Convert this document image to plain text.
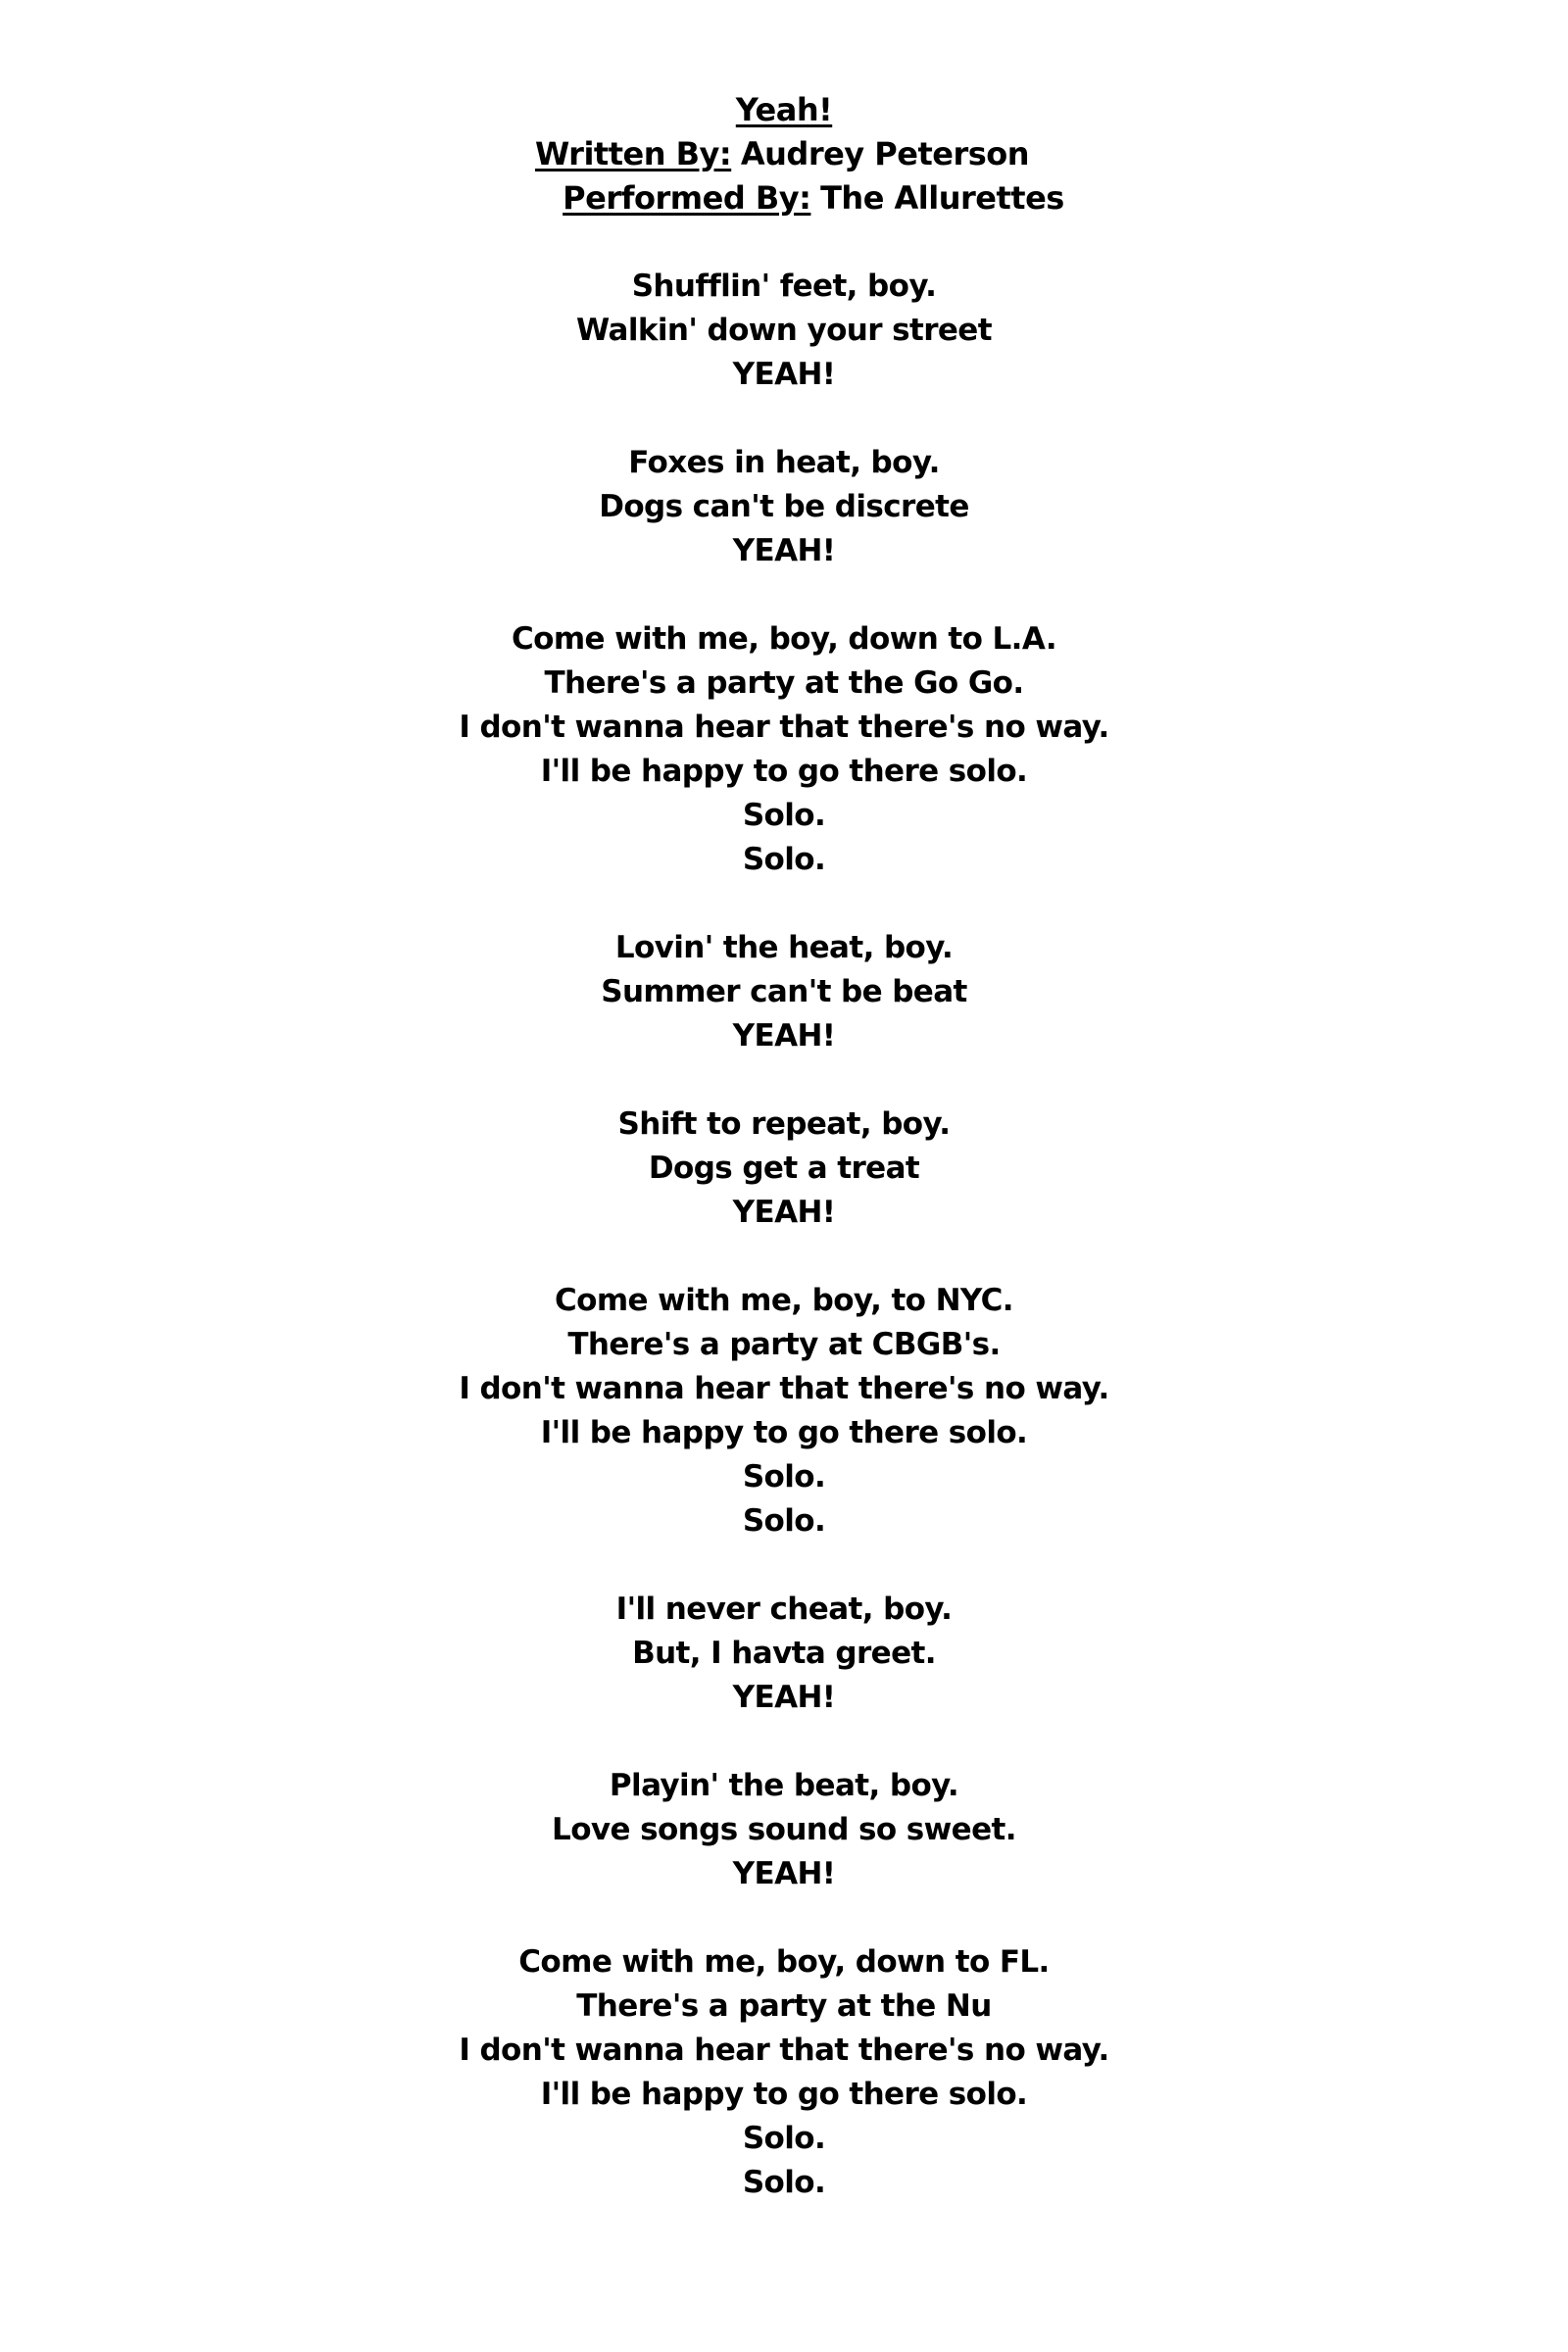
Yeah!
Written By: Audrey Peterson
Performed By: The Allurettes
Shufflin' feet, boy.
Walkin' down your street
YEAH!
Foxes in heat, boy.
Dogs can't be discrete
YEAH!
Come with me, boy, down to L.A.
There's a party at the Go Go.
I don't wanna hear that there's no way.
I'll be happy to go there solo.
Solo.
Solo.
Lovin' the heat, boy.
Summer can't be beat
YEAH!
Shift to repeat, boy.
Dogs get a treat
YEAH!
Come with me, boy, to NYC.
There's a party at CBGB's.
I don't wanna hear that there's no way.
I'll be happy to go there solo.
Solo.
Solo.
I'll never cheat, boy.
But, I havta greet.
YEAH!
Playin' the beat, boy.
Love songs sound so sweet.
YEAH!
Come with me, boy, down to FL.
There's a party at the Nu
I don't wanna hear that there's no way.
I'll be happy to go there solo.
Solo.
Solo.
